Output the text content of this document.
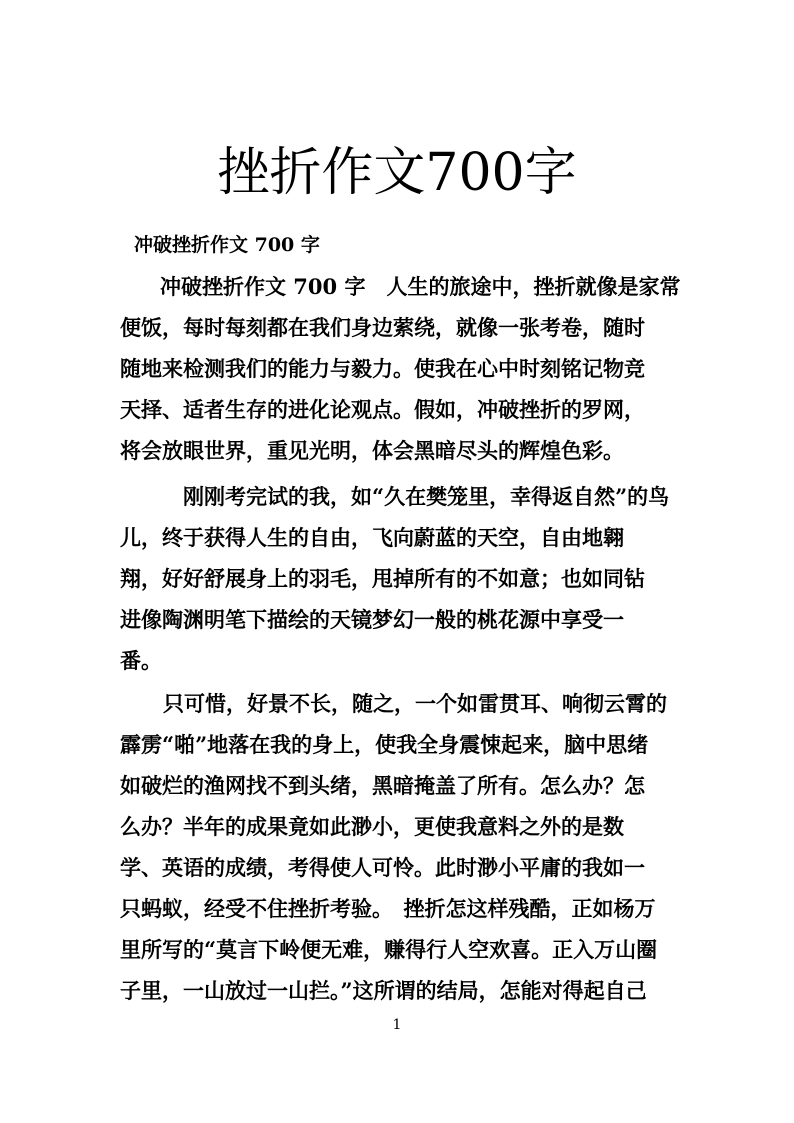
挫折作文700字
冲破挫折作文 700 字
冲破挫折作文 700 字　人生的旅途中，挫折就像是家常
便饭，每时每刻都在我们身边萦绕，就像一张考卷，随时
随地来检测我们的能力与毅力。使我在心中时刻铭记物竞
天择、适者生存的进化论观点。假如，冲破挫折的罗网，
将会放眼世界，重见光明，体会黑暗尽头的辉煌色彩。
刚刚考完试的我，如“久在樊笼里，幸得返自然”的鸟
儿，终于获得人生的自由，飞向蔚蓝的天空，自由地翱
翔，好好舒展身上的羽毛，甩掉所有的不如意；也如同钻
进像陶渊明笔下描绘的天镜梦幻一般的桃花源中享受一
番。
只可惜，好景不长，随之，一个如雷贯耳、响彻云霄的
霹雳“啪”地落在我的身上，使我全身震悚起来，脑中思绪
如破烂的渔网找不到头绪，黑暗掩盖了所有。怎么办？怎
么办？半年的成果竟如此渺小，更使我意料之外的是数
学、英语的成绩，考得使人可怜。此时渺小平庸的我如一
只蚂蚁，经受不住挫折考验。　挫折怎这样残酷，正如杨万
里所写的“莫言下岭便无难，赚得行人空欢喜。正入万山圈
子里，一山放过一山拦。”这所谓的结局，怎能对得起自己
1
